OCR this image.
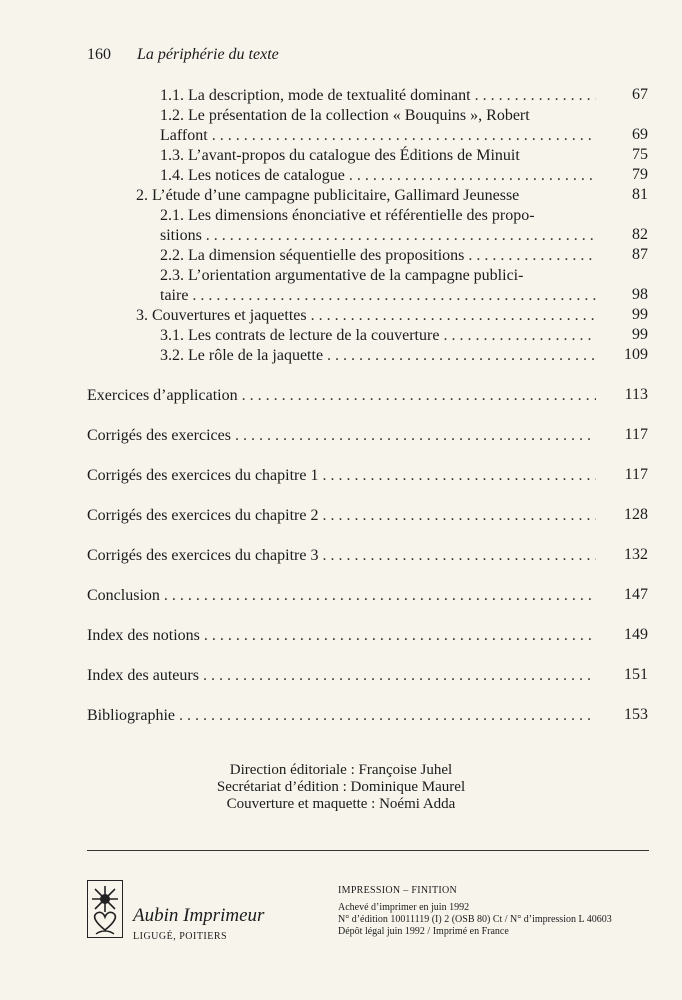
160 La périphérie du texte
1.1. La description, mode de textualité dominant . . .	67
1.2. Le présentation de la collection « Bouquins », Robert
Laffont . . .	69
1.3. L’avant-propos du catalogue des Éditions de Minuit	75
1.4. Les notices de catalogue . . .	79
2. L’étude d’une campagne publicitaire, Gallimard Jeunesse	81
2.1. Les dimensions énonciative et référentielle des propo-
sitions . . .	82
2.2. La dimension séquentielle des propositions . . .	87
2.3. L’orientation argumentative de la campagne publici-
taire . . .	98
3. Couvertures et jaquettes . . .	99
3.1. Les contrats de lecture de la couverture . . .	99
3.2. Le rôle de la jaquette . . .	109
Exercices d’application . . .	113
Corrigés des exercices . . .	117
Corrigés des exercices du chapitre 1 . . .	117
Corrigés des exercices du chapitre 2 . . .	128
Corrigés des exercices du chapitre 3 . . .	132
Conclusion . . .	147
Index des notions . . .	149
Index des auteurs . . .	151
Bibliographie . . .	153
Direction éditoriale : Françoise Juhel
Secrétariat d’édition : Dominique Maurel
Couverture et maquette : Noémi Adda
Aubin Imprimeur
LIGUGÉ, POITIERS
IMPRESSION – FINITION
Achevé d’imprimer en juin 1992
N° d’édition 10011119 (I) 2 (OSB 80) Ct / N° d’impression L 40603
Dépôt légal juin 1992 / Imprimé en France
